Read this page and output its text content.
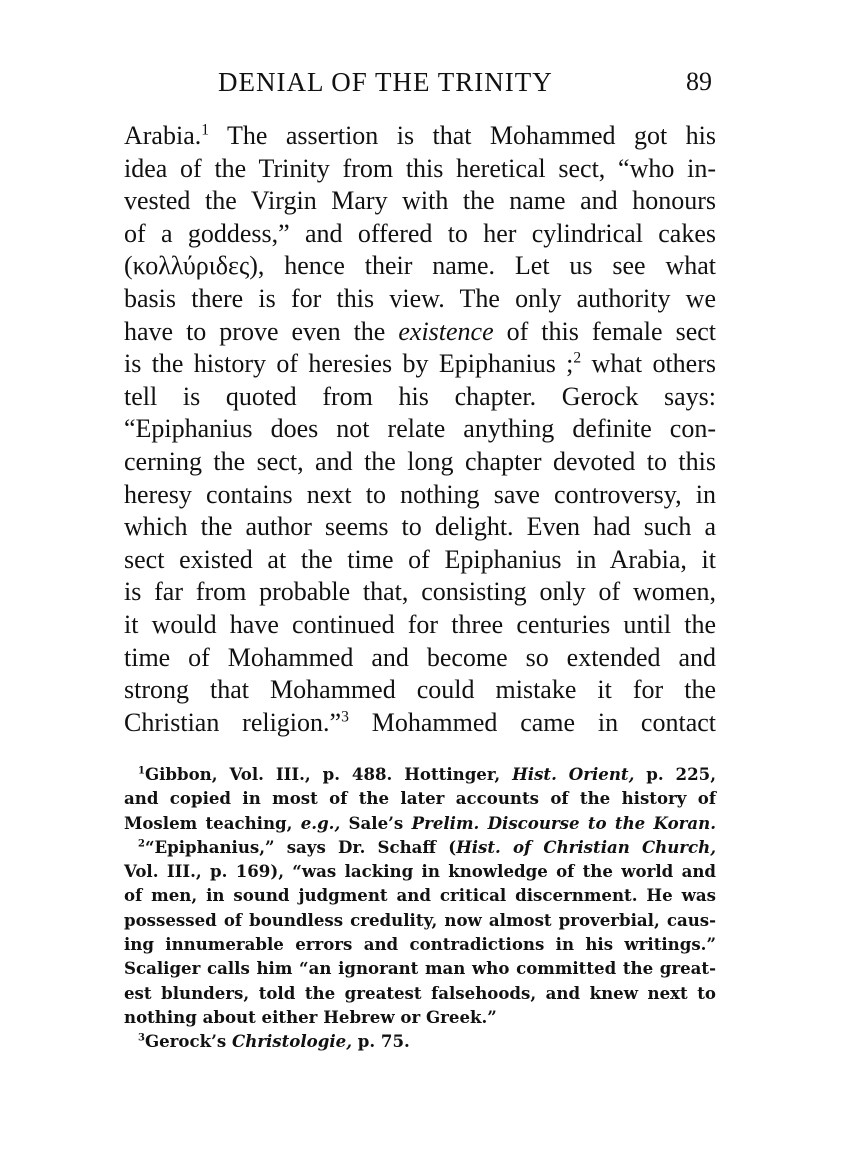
DENIAL OF THE TRINITY	89
Arabia.$^1$ The assertion is that Mohammed got his
idea of the Trinity from this heretical sect, “who in-
vested the Virgin Mary with the name and honours
of a goddess,” and offered to her cylindrical cakes
(κολλύριδες), hence their name. Let us see what
basis there is for this view. The only authority we
have to prove even the existence of this female sect
is the history of heresies by Epiphanius ;$^2$ what others
tell is quoted from his chapter. Gerock says:
“Epiphanius does not relate anything definite con-
cerning the sect, and the long chapter devoted to this
heresy contains next to nothing save controversy, in
which the author seems to delight. Even had such a
sect existed at the time of Epiphanius in Arabia, it
is far from probable that, consisting only of women,
it would have continued for three centuries until the
time of Mohammed and become so extended and
strong that Mohammed could mistake it for the
Christian religion.”$^3$ Mohammed came in contact
$^1$Gibbon, Vol. III., p. 488. Hottinger, Hist. Orient, p. 225,
and copied in most of the later accounts of the history of
Moslem teaching, e.g., Sale’s Prelim. Discourse to the Koran.
$^2$“Epiphanius,” says Dr. Schaff (Hist. of Christian Church,
Vol. III., p. 169), “was lacking in knowledge of the world and
of men, in sound judgment and critical discernment. He was
possessed of boundless credulity, now almost proverbial, caus-
ing innumerable errors and contradictions in his writings.”
Scaliger calls him “an ignorant man who committed the great-
est blunders, told the greatest falsehoods, and knew next to
nothing about either Hebrew or Greek.”
$^3$Gerock’s Christologie, p. 75.
